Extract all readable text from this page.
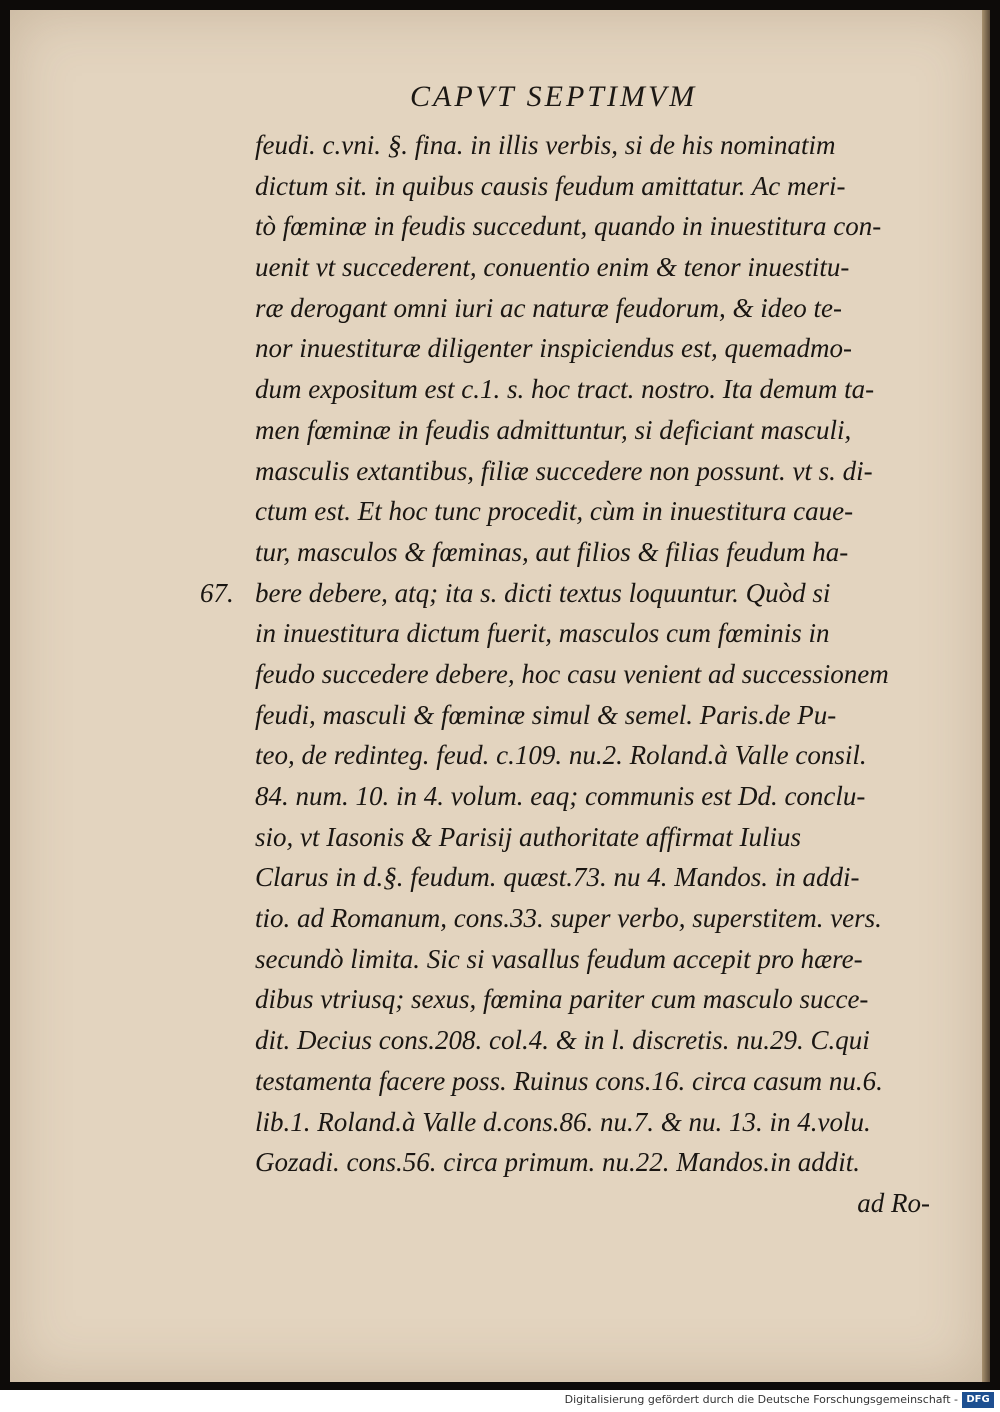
CAPVT SEPTIMVM
feudi. c.vni. §. fina. in illis verbis, si de his nominatim
dictum sit. in quibus causis feudum amittatur. Ac meri-
tò fœminæ in feudis succedunt, quando in inuestitura con-
uenit vt succederent, conuentio enim & tenor inuestitu-
ræ derogant omni iuri ac naturæ feudorum, & ideo te-
nor inuestituræ diligenter inspiciendus est, quemadmo-
dum expositum est c.1. s. hoc tract. nostro. Ita demum ta-
men fœminæ in feudis admittuntur, si deficiant masculi,
masculis extantibus, filiæ succedere non possunt. vt s. di-
ctum est. Et hoc tunc procedit, cùm in inuestitura caue-
tur, masculos & fœminas, aut filios & filias feudum ha-
67. bere debere, atq; ita s. dicti textus loquuntur. Quòd si
in inuestitura dictum fuerit, masculos cum fœminis in
feudo succedere debere, hoc casu venient ad successionem
feudi, masculi & fœminæ simul & semel. Paris.de Pu-
teo, de redinteg. feud. c.109. nu.2. Roland.à Valle consil.
84. num. 10. in 4. volum. eaq; communis est Dd. conclu-
sio, vt Iasonis & Parisij authoritate affirmat Iulius
Clarus in d.§. feudum. quæst.73. nu 4. Mandos. in addi-
tio. ad Romanum, cons.33. super verbo, superstitem. vers.
secundò limita. Sic si vasallus feudum accepit pro hære-
dibus vtriusq; sexus, fœmina pariter cum masculo succe-
dit. Decius cons.208. col.4. & in l. discretis. nu.29. C.qui
testamenta facere poss. Ruinus cons.16. circa casum nu.6.
lib.1. Roland.à Valle d.cons.86. nu.7. & nu. 13. in 4.volu.
Gozadi. cons.56. circa primum. nu.22. Mandos.in addit.
ad Ro-
Digitalisierung gefördert durch die Deutsche Forschungsgemeinschaft - DFG
